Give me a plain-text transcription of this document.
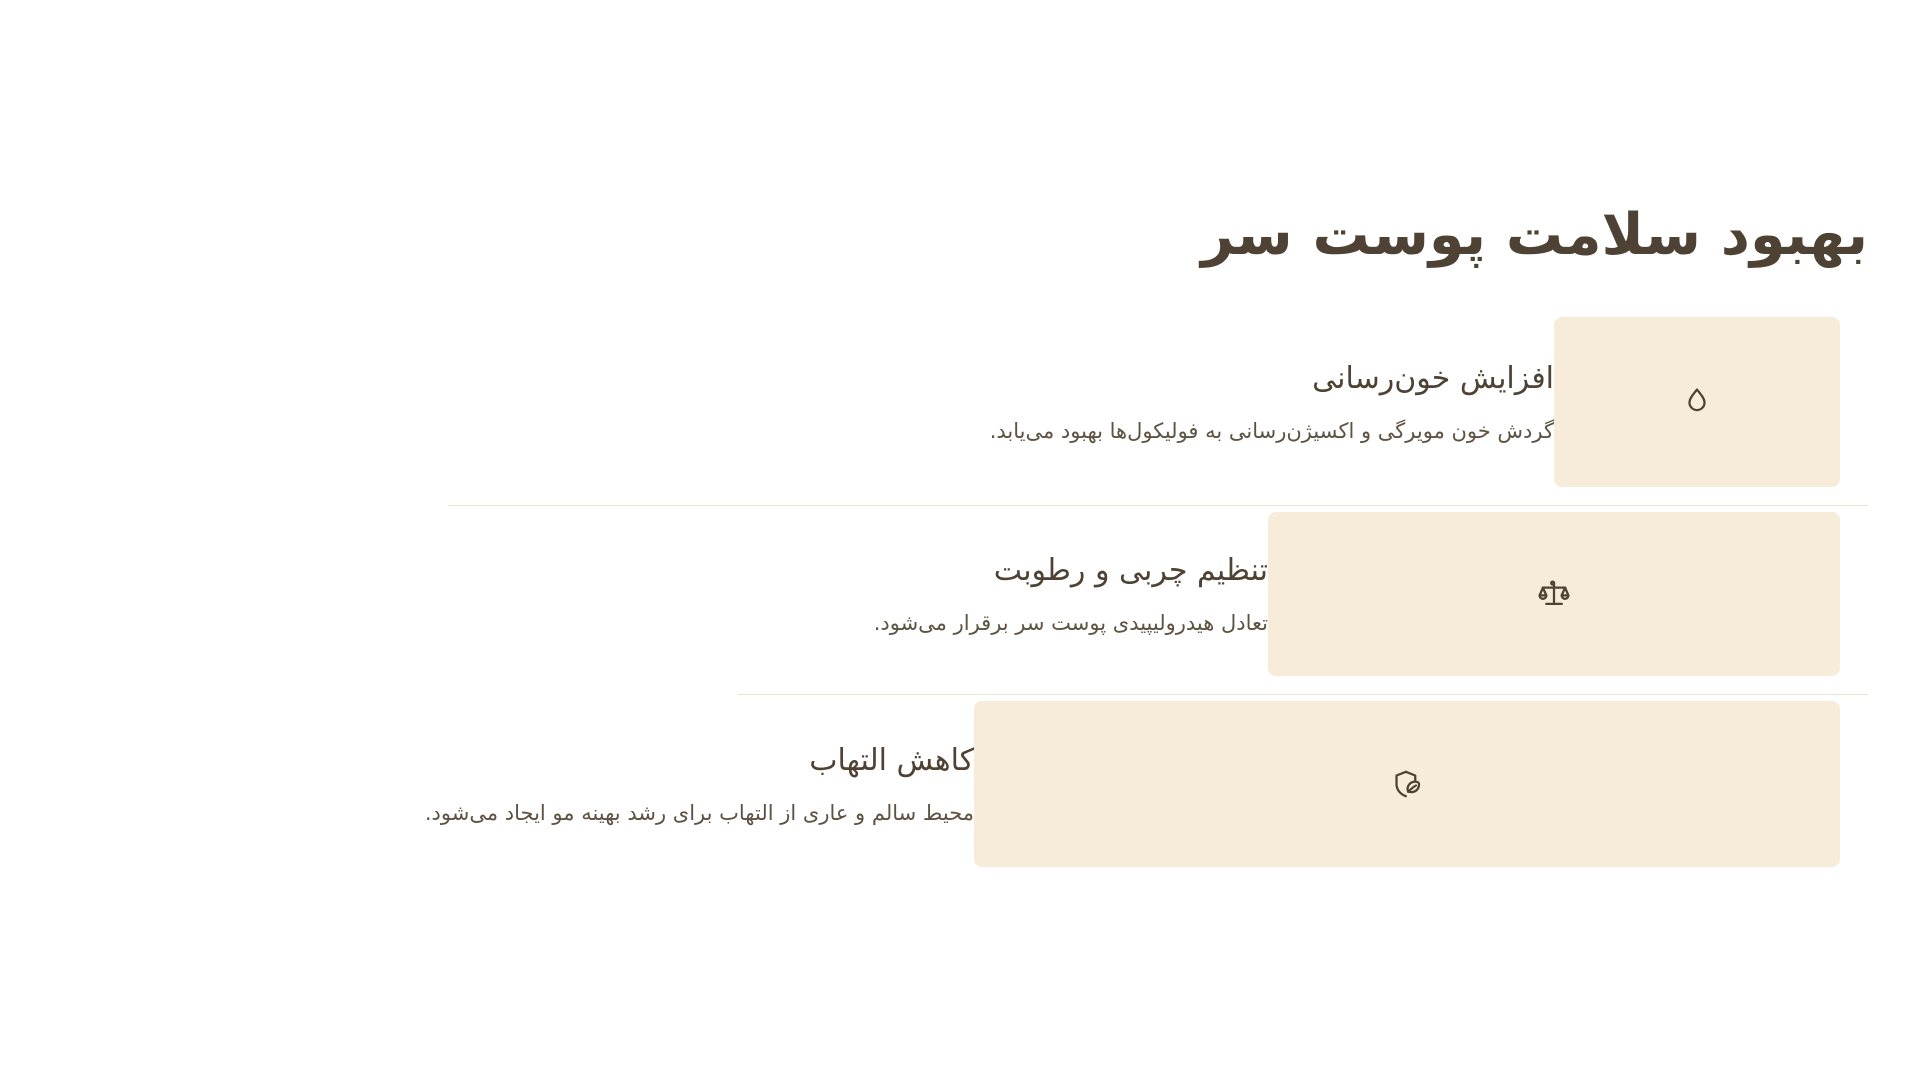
بهبود سلامت پوست سر
افزایش خون‌رسانی
گردش خون مویرگی و اکسیژن‌رسانی به فولیکول‌ها بهبود می‌یابد.
تنظیم چربی و رطوبت
تعادل هیدرولیپیدی پوست سر برقرار می‌شود.
کاهش التهاب
محیط سالم و عاری از التهاب برای رشد بهینه مو ایجاد می‌شود.
